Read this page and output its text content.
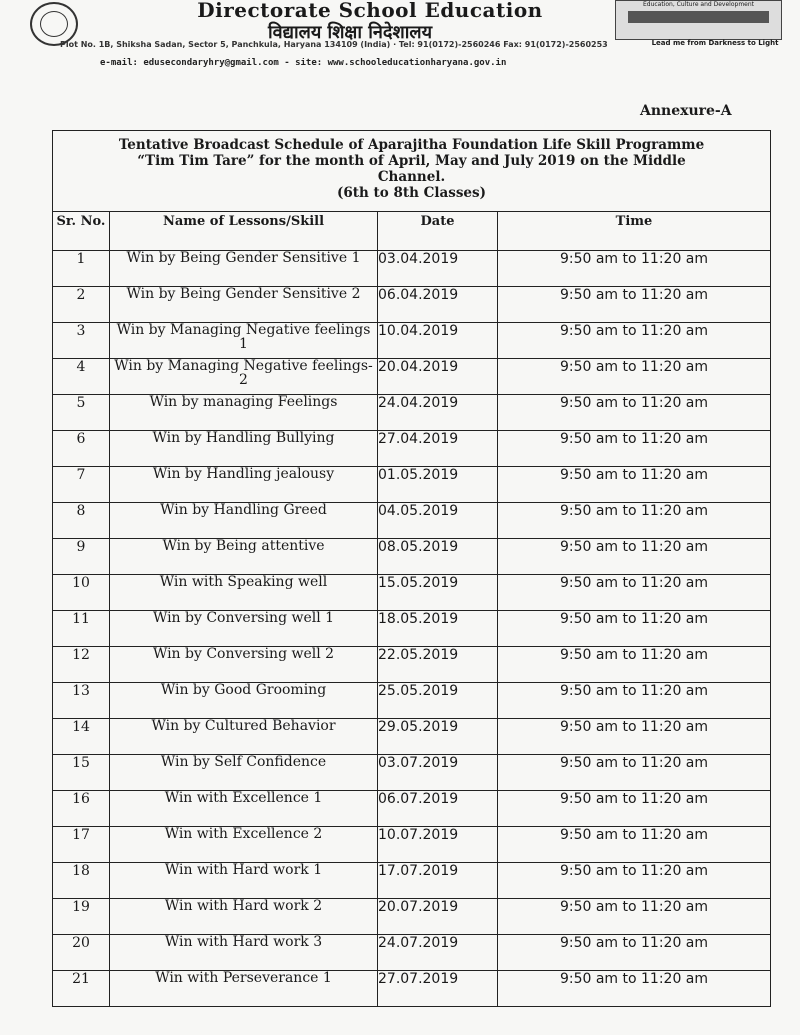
Directorate School Education
विद्यालय शिक्षा निदेशालय
Education, Culture and Development
Lead me from Darkness to Light
Plot No. 1B, Shiksha Sadan, Sector 5, Panchkula, Haryana 134109 (India) · Tel: 91(0172)-2560246 Fax: 91(0172)-2560253
e-mail: edusecondaryhry@gmail.com - site: www.schooleducationharyana.gov.in
Annexure-A
Tentative Broadcast Schedule of Aparajitha Foundation Life Skill Programme
“Tim Tim Tare” for the month of April, May and July 2019 on the Middle
Channel.
(6th to 8th Classes)			

Sr. No.	Name of Lessons/Skill	Date	Time
1	Win by Being Gender Sensitive 1	03.04.2019	9:50 am to 11:20 am
2	Win by Being Gender Sensitive 2	06.04.2019	9:50 am to 11:20 am
3	Win by Managing Negative feelings 1	10.04.2019	9:50 am to 11:20 am
4	Win by Managing Negative feelings-2	20.04.2019	9:50 am to 11:20 am
5	Win by managing Feelings	24.04.2019	9:50 am to 11:20 am
6	Win by Handling Bullying	27.04.2019	9:50 am to 11:20 am
7	Win by Handling jealousy	01.05.2019	9:50 am to 11:20 am
8	Win by Handling Greed	04.05.2019	9:50 am to 11:20 am
9	Win by Being attentive	08.05.2019	9:50 am to 11:20 am
10	Win with Speaking well	15.05.2019	9:50 am to 11:20 am
11	Win by Conversing well 1	18.05.2019	9:50 am to 11:20 am
12	Win by Conversing well 2	22.05.2019	9:50 am to 11:20 am
13	Win by Good Grooming	25.05.2019	9:50 am to 11:20 am
14	Win by Cultured Behavior	29.05.2019	9:50 am to 11:20 am
15	Win by Self Confidence	03.07.2019	9:50 am to 11:20 am
16	Win with Excellence 1	06.07.2019	9:50 am to 11:20 am
17	Win with Excellence 2	10.07.2019	9:50 am to 11:20 am
18	Win with Hard work 1	17.07.2019	9:50 am to 11:20 am
19	Win with Hard work 2	20.07.2019	9:50 am to 11:20 am
20	Win with Hard work 3	24.07.2019	9:50 am to 11:20 am
21	Win with Perseverance 1	27.07.2019	9:50 am to 11:20 am
